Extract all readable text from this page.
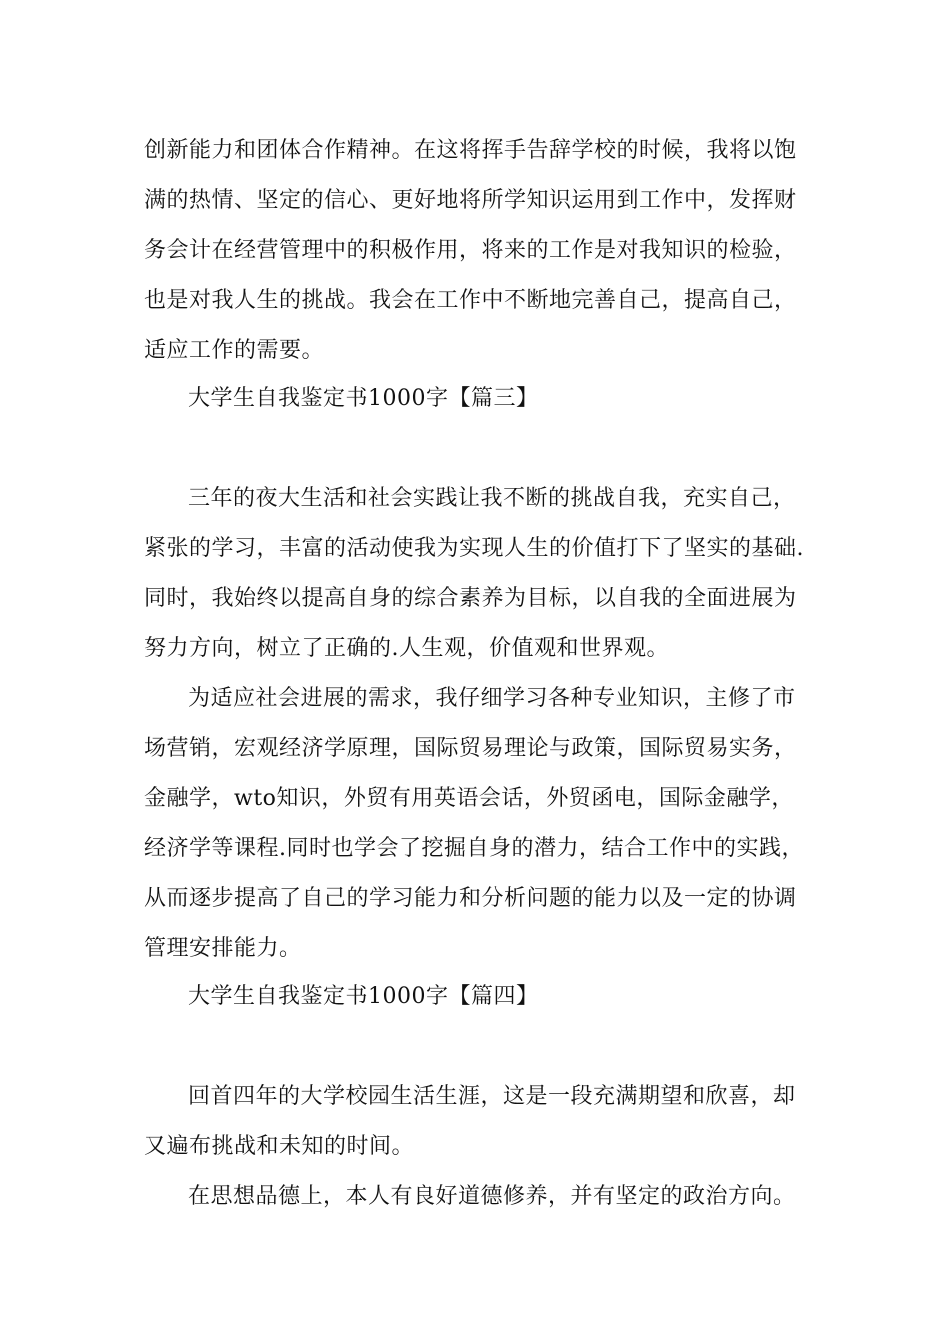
创新能力和团体合作精神。在这将挥手告辞学校的时候，我将以饱
满的热情、坚定的信心、更好地将所学知识运用到工作中，发挥财
务会计在经营管理中的积极作用，将来的工作是对我知识的检验，
也是对我人生的挑战。我会在工作中不断地完善自己，提高自己，
适应工作的需要。
大学生自我鉴定书1000字【篇三】
三年的夜大生活和社会实践让我不断的挑战自我，充实自己，
紧张的学习，丰富的活动使我为实现人生的价值打下了坚实的基础.
同时，我始终以提高自身的综合素养为目标，以自我的全面进展为
努力方向，树立了正确的.人生观，价值观和世界观。
为适应社会进展的需求，我仔细学习各种专业知识，主修了市
场营销，宏观经济学原理，国际贸易理论与政策，国际贸易实务，
金融学，wto知识，外贸有用英语会话，外贸函电，国际金融学，
经济学等课程.同时也学会了挖掘自身的潜力，结合工作中的实践，
从而逐步提高了自己的学习能力和分析问题的能力以及一定的协调
管理安排能力。
大学生自我鉴定书1000字【篇四】
回首四年的大学校园生活生涯，这是一段充满期望和欣喜，却
又遍布挑战和未知的时间。
在思想品德上，本人有良好道德修养，并有坚定的政治方向。
